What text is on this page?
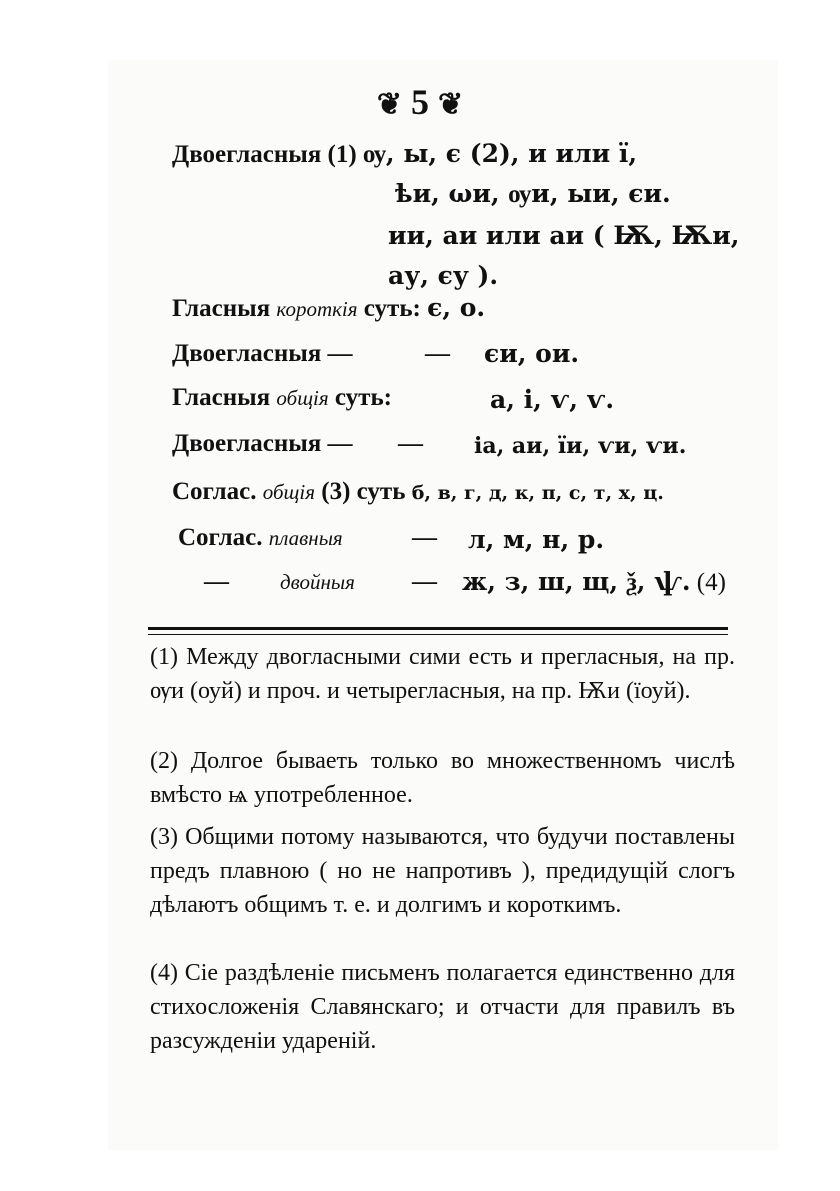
❦ 5 ❦
Двоегласныя (1) ѹ, ы, є (2), и или ї,
ѣи, ωи, ѹи, ыи, єи.
ии, аи или аи ( Ѭ, Ѭи,
ау, єу ).
Гласныя короткія суть: є, о.
Двоегласныя —	— єи, ои.
Гласныя общія суть:	а, і, ѵ, ѵ.
Двоегласныя — — іа, аи, їи, ѵи, ѵи.
Соглас. общія (3) суть б, в, г, д, к, п, с, т, х, ц.
Соглас. плавныя	— л, м, н, р.
— двойныя — ж, з, ш, щ, ѯ, ѱ. (4)
(1) Между двогласными сими есть и прегласныя, на пр. ѹи (оуй) и проч. и четырегласныя, на пр. Ѭи (їоуй).
(2) Долгое бываеть только во множественномъ числѣ вмѣсто ѩ употребленное.
(3) Общими потому называются, что будучи поставлены предъ плавною ( но не напротивъ ), предидущій слогъ дѣлаютъ общимъ т. е. и долгимъ и короткимъ.
(4) Сіе раздѣленіе письменъ полагается единственно для стихосложенія Славянскаго; и отчасти для правилъ въ разсужденіи удареній.
